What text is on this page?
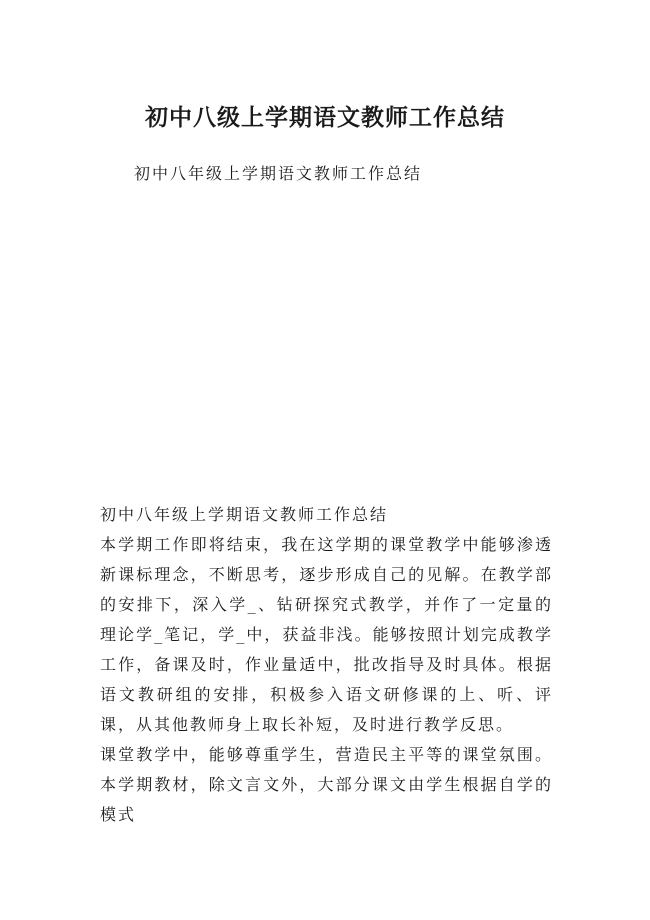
初中八级上学期语文教师工作总结
初中八年级上学期语文教师工作总结

初中八年级上学期语文教师工作总结

本学期工作即将结束，我在这学期的课堂教学中能够渗透新课标理念，不断思考，逐步形成自己的见解。在教学部的安排下，深入学_、钻研探究式教学，并作了一定量的理论学_笔记，学_中，获益非浅。能够按照计划完成教学工作，备课及时，作业量适中，批改指导及时具体。根据语文教研组的安排，积极参入语文研修课的上、听、评课，从其他教师身上取长补短，及时进行教学反思。

课堂教学中，能够尊重学生，营造民主平等的课堂氛围。本学期教材，除文言文外，大部分课文由学生根据自学的模式
